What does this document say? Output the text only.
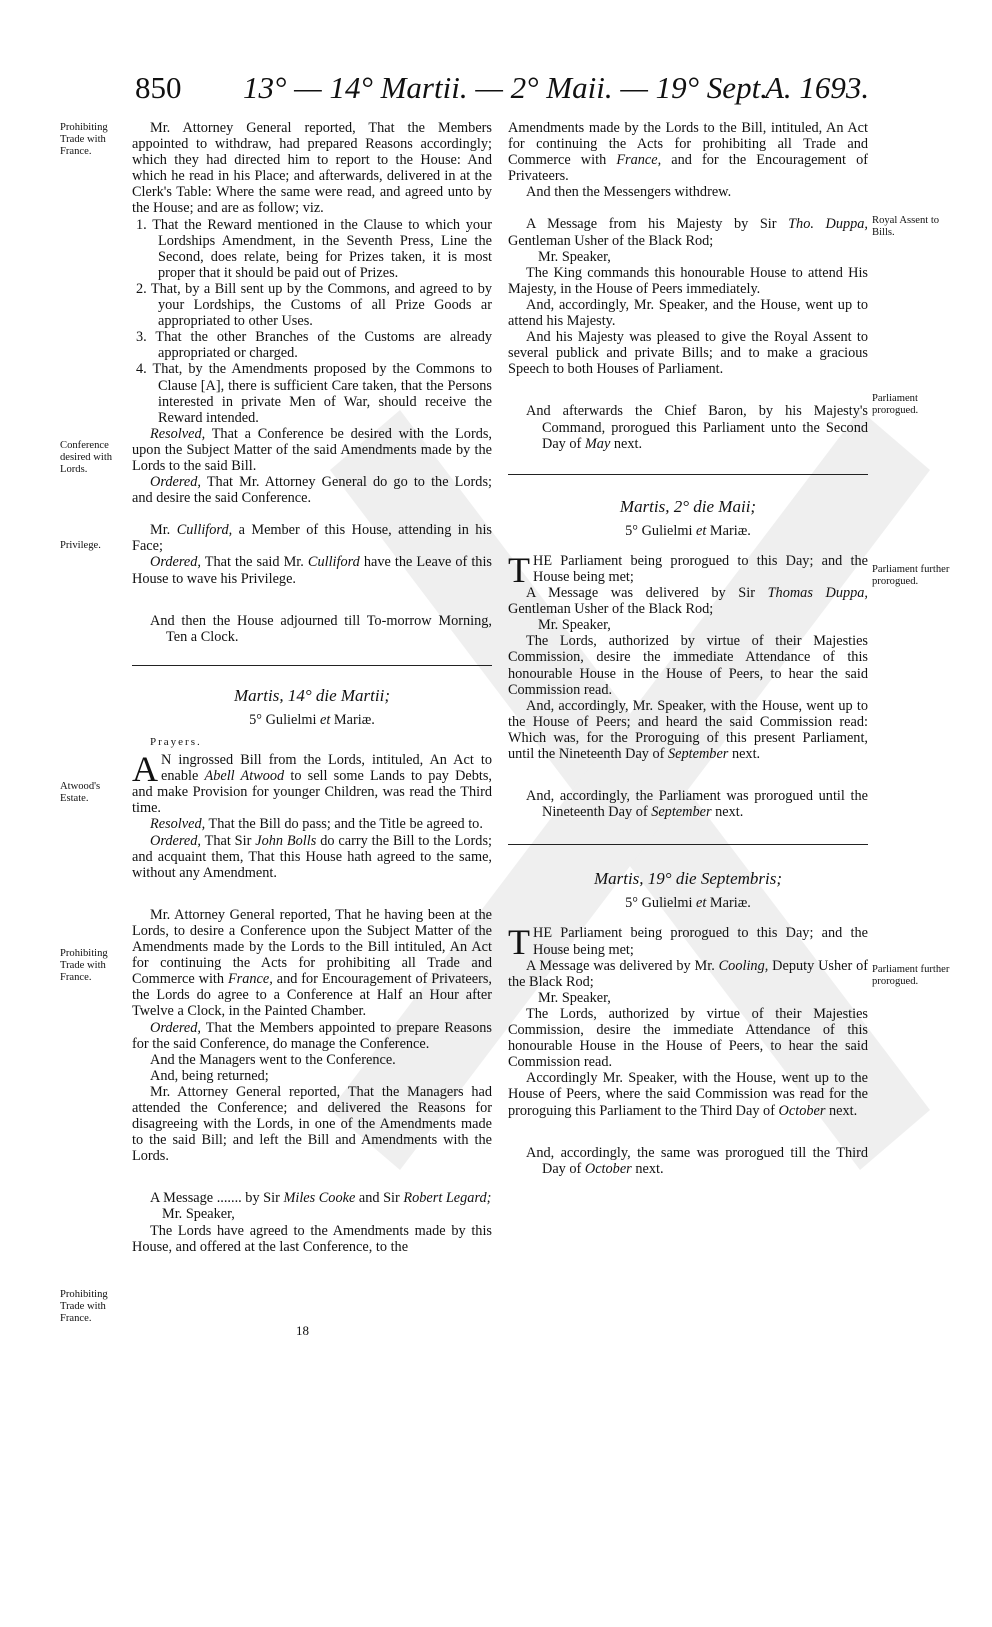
850 13° — 14° Martii. — 2° Maii. — 19° Sept.
A. 1693.
Prohibiting Trade with France.
Conference desired with Lords.
Privilege.
Atwood's Estate.
Prohibiting Trade with France.
Prohibiting Trade with France.
Royal Assent to Bills.
Parliament prorogued.
Parliament further prorogued.
Parliament further prorogued.

Mr. Attorney General reported, That the Members appointed to withdraw, had prepared Reasons accordingly; which they had directed him to report to the House: And which he read in his Place; and afterwards, delivered in at the Clerk's Table: Where the same were read, and agreed unto by the House; and are as follow; viz.

1. That the Reward mentioned in the Clause to which your Lordships Amendment, in the Seventh Press, Line the Second, does relate, being for Prizes taken, it is most proper that it should be paid out of Prizes.

2. That, by a Bill sent up by the Commons, and agreed to by your Lordships, the Customs of all Prize Goods ar appropriated to other Uses.

3. That the other Branches of the Customs are already appropriated or charged.

4. That, by the Amendments proposed by the Commons to Clause [A], there is sufficient Care taken, that the Persons interested in private Men of War, should receive the Reward intended.

Resolved, That a Conference be desired with the Lords, upon the Subject Matter of the said Amendments made by the Lords to the said Bill.

Ordered, That Mr. Attorney General do go to the Lords; and desire the said Conference.

Mr. Culliford, a Member of this House, attending in his Face;

Ordered, That the said Mr. Culliford have the Leave of this House to wave his Privilege.

And then the House adjourned till To-morrow Morning, Ten a Clock.

Martis, 14° die Martii;

5° Gulielmi et Mariæ.

Prayers.

A N ingrossed Bill from the Lords, intituled, An Act to enable Abell Atwood to sell some Lands to pay Debts, and make Provision for younger Children, was read the Third time.

Resolved, That the Bill do pass; and the Title be agreed to.

Ordered, That Sir John Bolls do carry the Bill to the Lords; and acquaint them, That this House hath agreed to the same, without any Amendment.

Mr. Attorney General reported, That he having been at the Lords, to desire a Conference upon the Subject Matter of the Amendments made by the Lords to the Bill intituled, An Act for continuing the Acts for prohibiting all Trade and Commerce with France, and for Encouragement of Privateers, the Lords do agree to a Conference at Half an Hour after Twelve a Clock, in the Painted Chamber.

Ordered, That the Members appointed to prepare Reasons for the said Conference, do manage the Conference.

And the Managers went to the Conference.

And, being returned;

Mr. Attorney General reported, That the Managers had attended the Conference; and delivered the Reasons for disagreeing with the Lords, in one of the Amendments made to the said Bill; and left the Bill and Amendments with the Lords.

A Message ....... by Sir Miles Cooke and Sir Robert Legard;

Mr. Speaker,

The Lords have agreed to the Amendments made by this House, and offered at the last Conference, to the

18

Amendments made by the Lords to the Bill, intituled, An Act for continuing the Acts for prohibiting all Trade and Commerce with France, and for the Encouragement of Privateers.

And then the Messengers withdrew.

A Message from his Majesty by Sir Tho. Duppa, Gentleman Usher of the Black Rod;

Mr. Speaker,

The King commands this honourable House to attend His Majesty, in the House of Peers immediately.

And, accordingly, Mr. Speaker, and the House, went up to attend his Majesty.

And his Majesty was pleased to give the Royal Assent to several publick and private Bills; and to make a gracious Speech to both Houses of Parliament.

And afterwards the Chief Baron, by his Majesty's Command, prorogued this Parliament unto the Second Day of May next.

Martis, 2° die Maii;

5° Gulielmi et Mariæ.

THE Parliament being prorogued to this Day; and the House being met;

A Message was delivered by Sir Thomas Duppa, Gentleman Usher of the Black Rod;

Mr. Speaker,

The Lords, authorized by virtue of their Majesties Commission, desire the immediate Attendance of this honourable House in the House of Peers, to hear the said Commission read.

And, accordingly, Mr. Speaker, with the House, went up to the House of Peers; and heard the said Commission read: Which was, for the Proroguing of this present Parliament, until the Nineteenth Day of September next.

And, accordingly, the Parliament was prorogued until the Nineteenth Day of September next.

Martis, 19° die Septembris;

5° Gulielmi et Mariæ.

THE Parliament being prorogued to this Day; and the House being met;

A Message was delivered by Mr. Cooling, Deputy Usher of the Black Rod;

Mr. Speaker,

The Lords, authorized by virtue of their Majesties Commission, desire the immediate Attendance of this honourable House in the House of Peers, to hear the said Commission read.

Accordingly Mr. Speaker, with the House, went up to the House of Peers, where the said Commission was read for the proroguing this Parliament to the Third Day of October next.

And, accordingly, the same was prorogued till the Third Day of October next.
